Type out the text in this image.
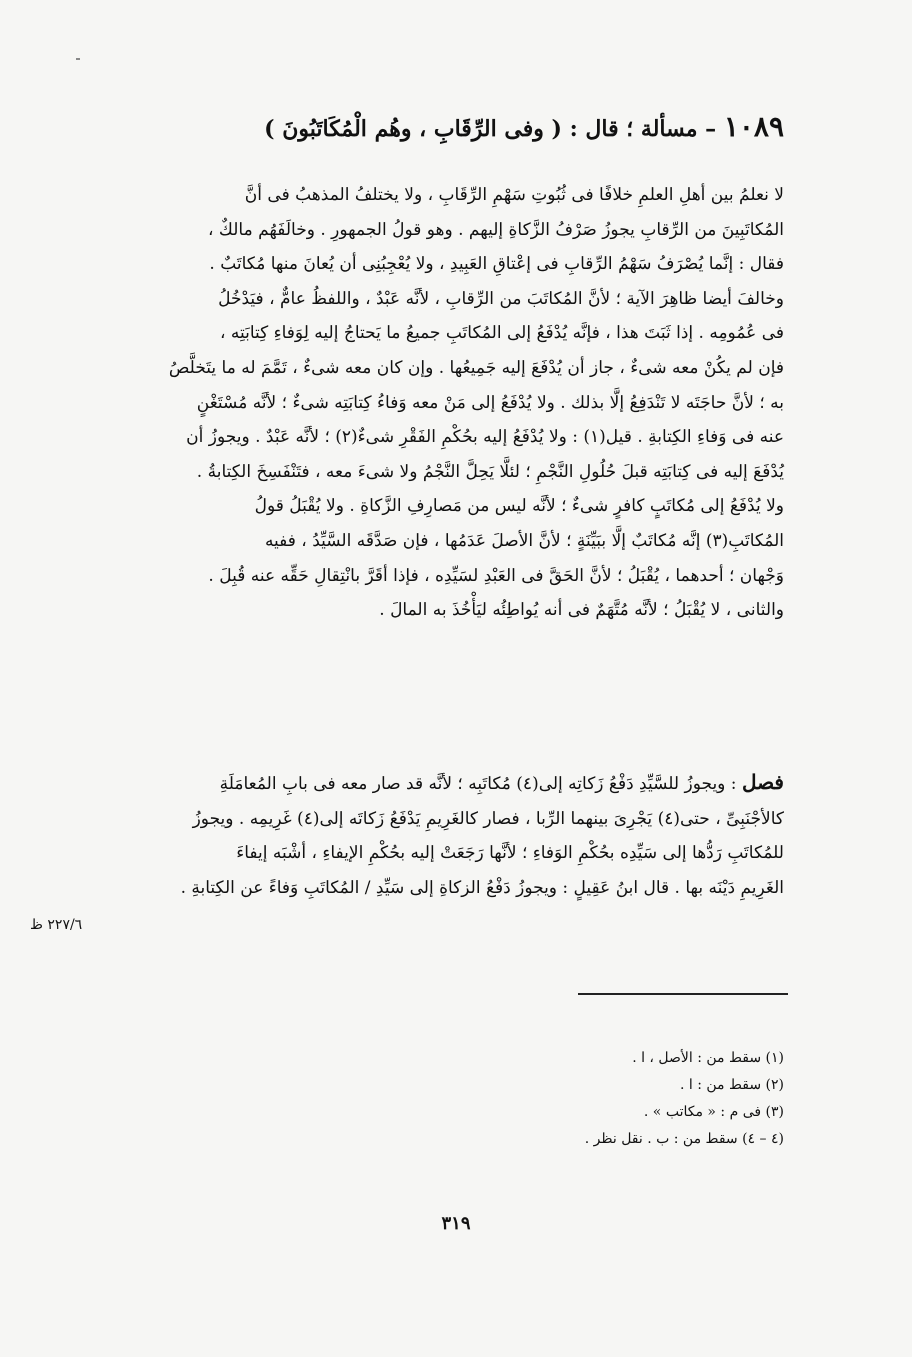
١٠٨٩ – مسألة ؛ قال : ( وفى الرِّقَابِ ، وهُم الْمُكَاتَبُونَ )

لا نعلمُ بين أهلِ العلمِ خلافًا فى ثُبُوتِ سَهْمِ الرِّقَابِ ، ولا يختلفُ المذهبُ فى أنَّ

المُكاتَبِينَ من الرِّقابِ يجوزُ صَرْفُ الزَّكاةِ إليهم . وهو قولُ الجمهورِ . وخالَفَهُم مالكٌ ،

فقال : إنَّما يُصْرَفُ سَهْمُ الرِّقابِ فى إعْتاقِ العَبِيدِ ، ولا يُعْجِبُنِى أن يُعانَ منها مُكاتَبٌ .

وخالفَ أيضا ظاهِرَ الآية ؛ لأنَّ المُكاتَبَ من الرِّقابِ ، لأنَّه عَبْدٌ ، واللفظُ عامٌّ ، فيَدْخُلُ

فى عُمُومِه . إذا ثَبَتَ هذا ، فإنَّه يُدْفَعُ إلى المُكاتَبِ جميعُ ما يَحتاجُ إليه لِوَفاءِ كِتابَتِه ،

فإن لم يكُنْ معه شىءٌ ، جاز أن يُدْفَعَ إليه جَمِيعُها . وإن كان معه شىءٌ ، تَمَّمَ له ما يتَخلَّصُ

به ؛ لأنَّ حاجَتَه لا تَنْدَفِعُ إلَّا بذلك . ولا يُدْفَعُ إلى مَنْ معه وَفاءُ كِتابَتِه شىءٌ ؛ لأنَّه مُسْتَغْنٍ

عنه فى وَفاءِ الكِتابةِ . قيل(١) : ولا يُدْفَعُ إليه بحُكْمِ الفَقْرِ شىءٌ(٢) ؛ لأنَّه عَبْدٌ . ويجوزُ أن

يُدْفَعَ إليه فى كِتابَتِه قبلَ حُلُولِ النَّجْمِ ؛ لئلَّا يَحِلَّ النَّجْمُ ولا شىءَ معه ، فتَنْفَسِخَ الكِتابةُ .

ولا يُدْفَعُ إلى مُكاتَبٍ كافرٍ شىءٌ ؛ لأنَّه ليس من مَصارِفِ الزَّكاةِ . ولا يُقْبَلُ قولُ

المُكاتَبِ(٣) إنَّه مُكاتَبٌ إلَّا ببَيِّنَةٍ ؛ لأنَّ الأصلَ عَدَمُها ، فإن صَدَّقَه السَّيِّدُ ، ففيه

وَجْهان ؛ أحدهما ، يُقْبَلُ ؛ لأنَّ الحَقَّ فى العَبْدِ لسَيِّدِه ، فإذا أقَرَّ بانْتِقالِ حَقِّه عنه قُبِلَ .

والثانى ، لا يُقْبَلُ ؛ لأنَّه مُتَّهَمٌ فى أنه يُواطِئُه ليَأْخُذَ به المالَ .

فصل : ويجوزُ للسَّيِّدِ دَفْعُ زَكاتِه إلى(٤) مُكاتَبِه ؛ لأنَّه قد صار معه فى بابِ المُعامَلَةِ

كالأجْنَبِىِّ ، حتى(٤) يَجْرِىَ بينهما الرِّبا ، فصار كالغَرِيمِ يَدْفَعُ زَكاتَه إلى(٤) غَرِيمِه . ويجوزُ

للمُكاتَبِ رَدُّها إلى سَيِّدِه بحُكْمِ الوَفاءِ ؛ لأنَّها رَجَعَتْ إليه بحُكْمِ الإيفاءِ ، أشْبَه إيفاءَ

الغَرِيمِ دَيْنَه بها . قال ابنُ عَقِيلٍ : ويجوزُ دَفْعُ الزكاةِ إلى سَيِّدِ / المُكاتَبِ وَفاءً عن الكِتابةِ .

٢٢٧/٦ ظ
(١) سقط من : الأصل ، ا .
(٢) سقط من : ا .
(٣) فى م : « مكاتب » .
(٤ – ٤) سقط من : ب . نقل نظر .
٣١٩
